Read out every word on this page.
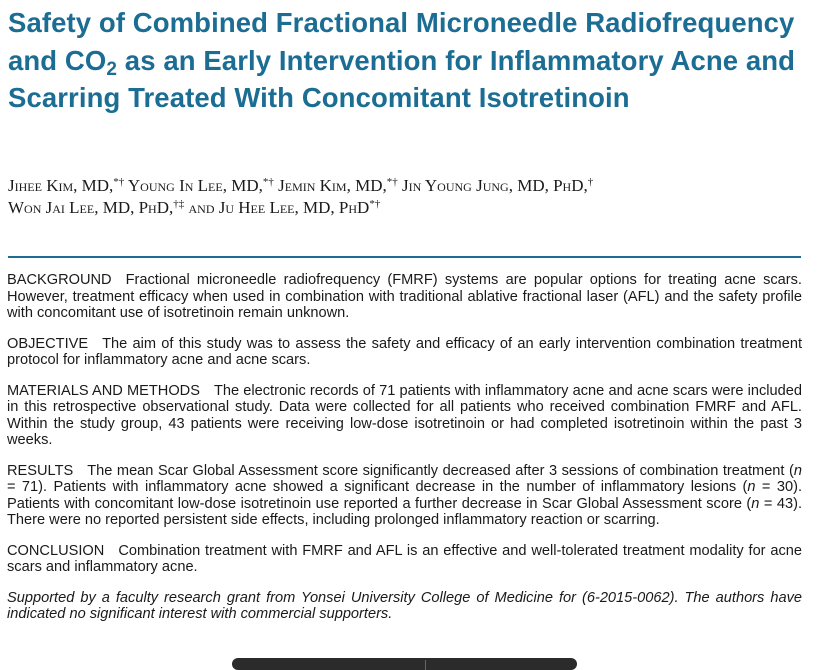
Safety of Combined Fractional Microneedle Radiofrequency and $CO_2$ as an Early Intervention for Inflammatory Acne and Scarring Treated With Concomitant Isotretinoin
Jihee Kim, MD,*† Young In Lee, MD,*† Jemin Kim, MD,*† Jin Young Jung, MD, PhD,†
Won Jai Lee, MD, PhD,†‡ and Ju Hee Lee, MD, PhD*†

BACKGROUND Fractional microneedle radiofrequency (FMRF) systems are popular options for treating acne scars. However, treatment efficacy when used in combination with traditional ablative fractional laser (AFL) and the safety profile with concomitant use of isotretinoin remain unknown.

OBJECTIVE The aim of this study was to assess the safety and efficacy of an early intervention combination treatment protocol for inflammatory acne and acne scars.

MATERIALS AND METHODS The electronic records of 71 patients with inflammatory acne and acne scars were included in this retrospective observational study. Data were collected for all patients who received combination FMRF and AFL. Within the study group, 43 patients were receiving low-dose isotretinoin or had completed isotretinoin within the past 3 weeks.

RESULTS The mean Scar Global Assessment score significantly decreased after 3 sessions of combination treatment (n = 71). Patients with inflammatory acne showed a significant decrease in the number of inflammatory lesions (n = 30). Patients with concomitant low-dose isotretinoin use reported a further decrease in Scar Global Assessment score (n = 43). There were no reported persistent side effects, including prolonged inflammatory reaction or scarring.

CONCLUSION Combination treatment with FMRF and AFL is an effective and well-tolerated treatment modality for acne scars and inflammatory acne.

Supported by a faculty research grant from Yonsei University College of Medicine for (6-2015-0062). The authors have indicated no significant interest with commercial supporters.
